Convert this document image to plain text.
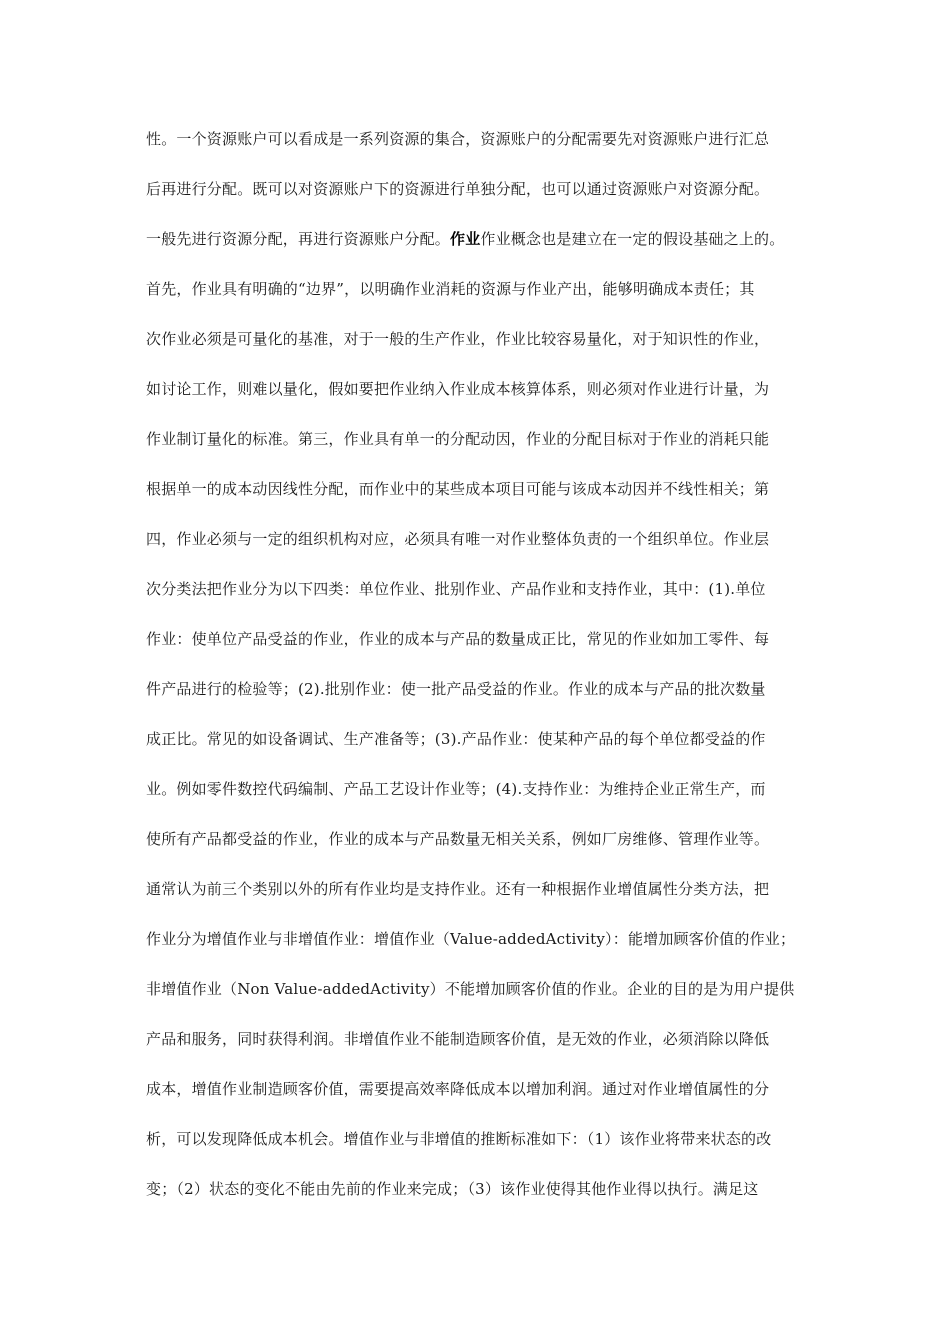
性。一个资源账户可以看成是一系列资源的集合，资源账户的分配需要先对资源账户进行汇总
后再进行分配。既可以对资源账户下的资源进行单独分配，也可以通过资源账户对资源分配。
一般先进行资源分配，再进行资源账户分配。作业作业概念也是建立在一定的假设基础之上的。
首先，作业具有明确的“边界”，以明确作业消耗的资源与作业产出，能够明确成本责任；其
次作业必须是可量化的基准，对于一般的生产作业，作业比较容易量化，对于知识性的作业，
如讨论工作，则难以量化，假如要把作业纳入作业成本核算体系，则必须对作业进行计量，为
作业制订量化的标准。第三，作业具有单一的分配动因，作业的分配目标对于作业的消耗只能
根据单一的成本动因线性分配，而作业中的某些成本项目可能与该成本动因并不线性相关；第
四，作业必须与一定的组织机构对应，必须具有唯一对作业整体负责的一个组织单位。作业层
次分类法把作业分为以下四类：单位作业、批别作业、产品作业和支持作业，其中：(1).单位
作业：使单位产品受益的作业，作业的成本与产品的数量成正比，常见的作业如加工零件、每
件产品进行的检验等；(2).批别作业：使一批产品受益的作业。作业的成本与产品的批次数量
成正比。常见的如设备调试、生产准备等；(3).产品作业：使某种产品的每个单位都受益的作
业。例如零件数控代码编制、产品工艺设计作业等；(4).支持作业：为维持企业正常生产，而
使所有产品都受益的作业，作业的成本与产品数量无相关关系，例如厂房维修、管理作业等。
通常认为前三个类别以外的所有作业均是支持作业。还有一种根据作业增值属性分类方法，把
作业分为增值作业与非增值作业：增值作业（Value-addedActivity）：能增加顾客价值的作业；
非增值作业（Non Value-addedActivity）不能增加顾客价值的作业。企业的目的是为用户提供
产品和服务，同时获得利润。非增值作业不能制造顾客价值，是无效的作业，必须消除以降低
成本，增值作业制造顾客价值，需要提高效率降低成本以增加利润。通过对作业增值属性的分
析，可以发现降低成本机会。增值作业与非增值的推断标准如下：（1）该作业将带来状态的改
变；（2）状态的变化不能由先前的作业来完成；（3）该作业使得其他作业得以执行。满足这
